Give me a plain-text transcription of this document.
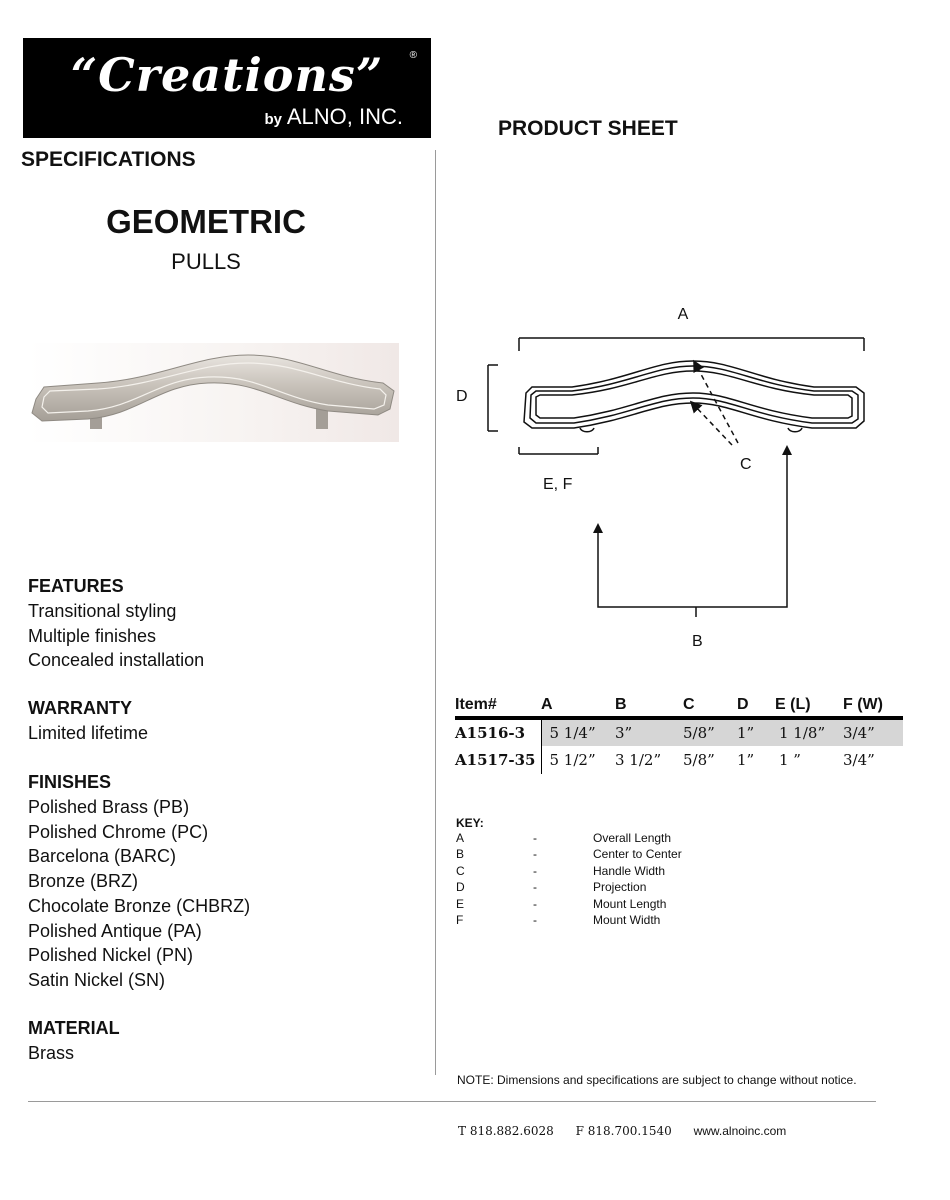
“Creations”	®
by ALNO, INC.	PRODUCT SHEET
SPECIFICATIONS
GEOMETRIC
PULLS
FEATURES
Transitional styling
Multiple finishes
Concealed installation
WARRANTY
Limited lifetime
FINISHES
Polished Brass (PB)
Polished Chrome (PC)
Barcelona (BARC)
Bronze (BRZ)
Chocolate Bronze (CHBRZ)
Polished Antique (PA)
Polished Nickel (PN)
Satin Nickel (SN)
MATERIAL
Brass
A
D
C
E, F
B
Item#	A	B	C	D	E (L)	F (W)
A1516-3	5 1/4”	3”	5/8”	1”	1 1/8”	3/4”
A1517-35	5 1/2”	3 1/2”	5/8”	1”	1 ”	3/4”
KEY:
A	-	Overall Length
B	-	Center to Center
C	-	Handle Width
D	-	Projection
E	-	Mount Length
F	-	Mount Width
NOTE: Dimensions and specifications are subject to change without notice.
T 818.882.6028 F 818.700.1540 www.alnoinc.com
